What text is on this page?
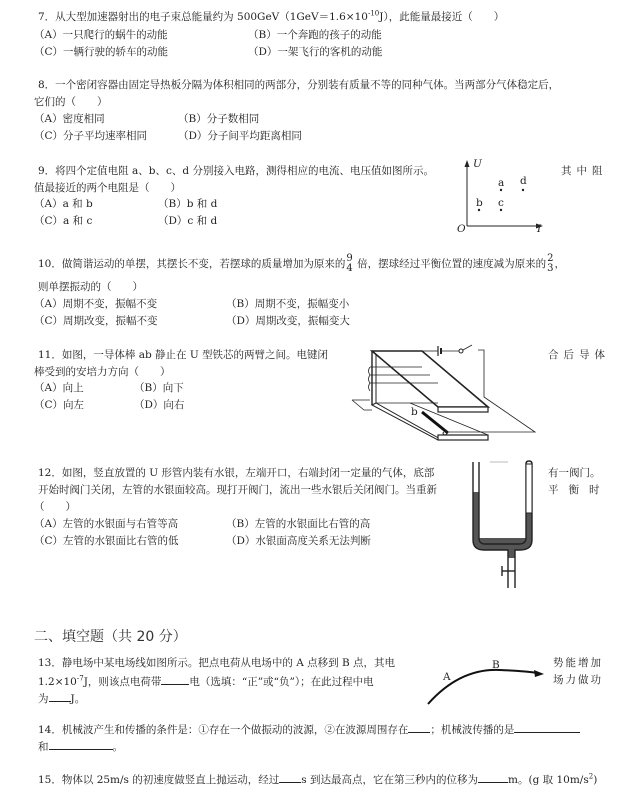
7．从大型加速器射出的电子束总能量约为 $500GeV(1GeV=1.6\times 10^{-10}J)$，此能量最接近（　　）
（A）一只爬行的蜗牛的动能	（B）一个奔跑的孩子的动能
（C）一辆行驶的轿车的动能	（D）一架飞行的客机的动能
8．一个密闭容器由固定导热板分隔为体积相同的两部分，分别装有质量不等的同种气体。当两部分气体稳定后，
它们的（　　）
（A）密度相同	（B）分子数相同
（C）分子平均速率相同	（D）分子间平均距离相同
9．将四个定值电阻 a、b、c、d 分别接入电路，测得相应的电流、电压值如图所示。	其中阻
值最接近的两个电阻是（　　）
（A）a 和 b	（B）b 和 d
（C）a 和 c	（D）c 和 d
U
I
O
a d
b c
10．做简谐运动的单摆，其摆长不变，若摆球的质量增加为原来的 9
4 倍，摆球经过平衡位置的速度减为原来的 2
3 ，
则单摆振动的（　　）
（A）周期不变，振幅不变	（B）周期不变，振幅变小
（C）周期改变，振幅不变	（D）周期改变，振幅变大
11．如图，一导体棒 ab 静止在 U 型铁芯的两臂之间。电键闭	合后导体
棒受到的安培力方向（　　）
（A）向上	（B）向下
（C）向左	（D）向右
b
a
12．如图，竖直放置的 U 形管内装有水银，左端开口，右端封闭一定量的气体，底部	有一阀门。
开始时阀门关闭，左管的水银面较高。现打开阀门，流出一些水银后关闭阀门。当重新	平衡时
（　　）
（A）左管的水银面与右管等高	（B）左管的水银面比右管的高
（C）左管的水银面比右管的低	（D）水银面高度关系无法判断
二、填空题（共 20 分）
13．静电场中某电场线如图所示。把点电荷从电场中的 A 点移到 B 点，其电	势能增加
$1.2\times 10^{-7}J$，则该点电荷带	电（选填：“正”或“负”）；在此过程中电	场力做功
为 J。
A
B
14．机械波产生和传播的条件是：①存在一个做振动的波源，②在波源周围存在 ；机械波传播的是
和	。
15．物体以 25m/s 的初速度做竖直上抛运动，经过 s 到达最高点，它在第三秒内的位移为	m。(g 取 $10m/s^2$)
